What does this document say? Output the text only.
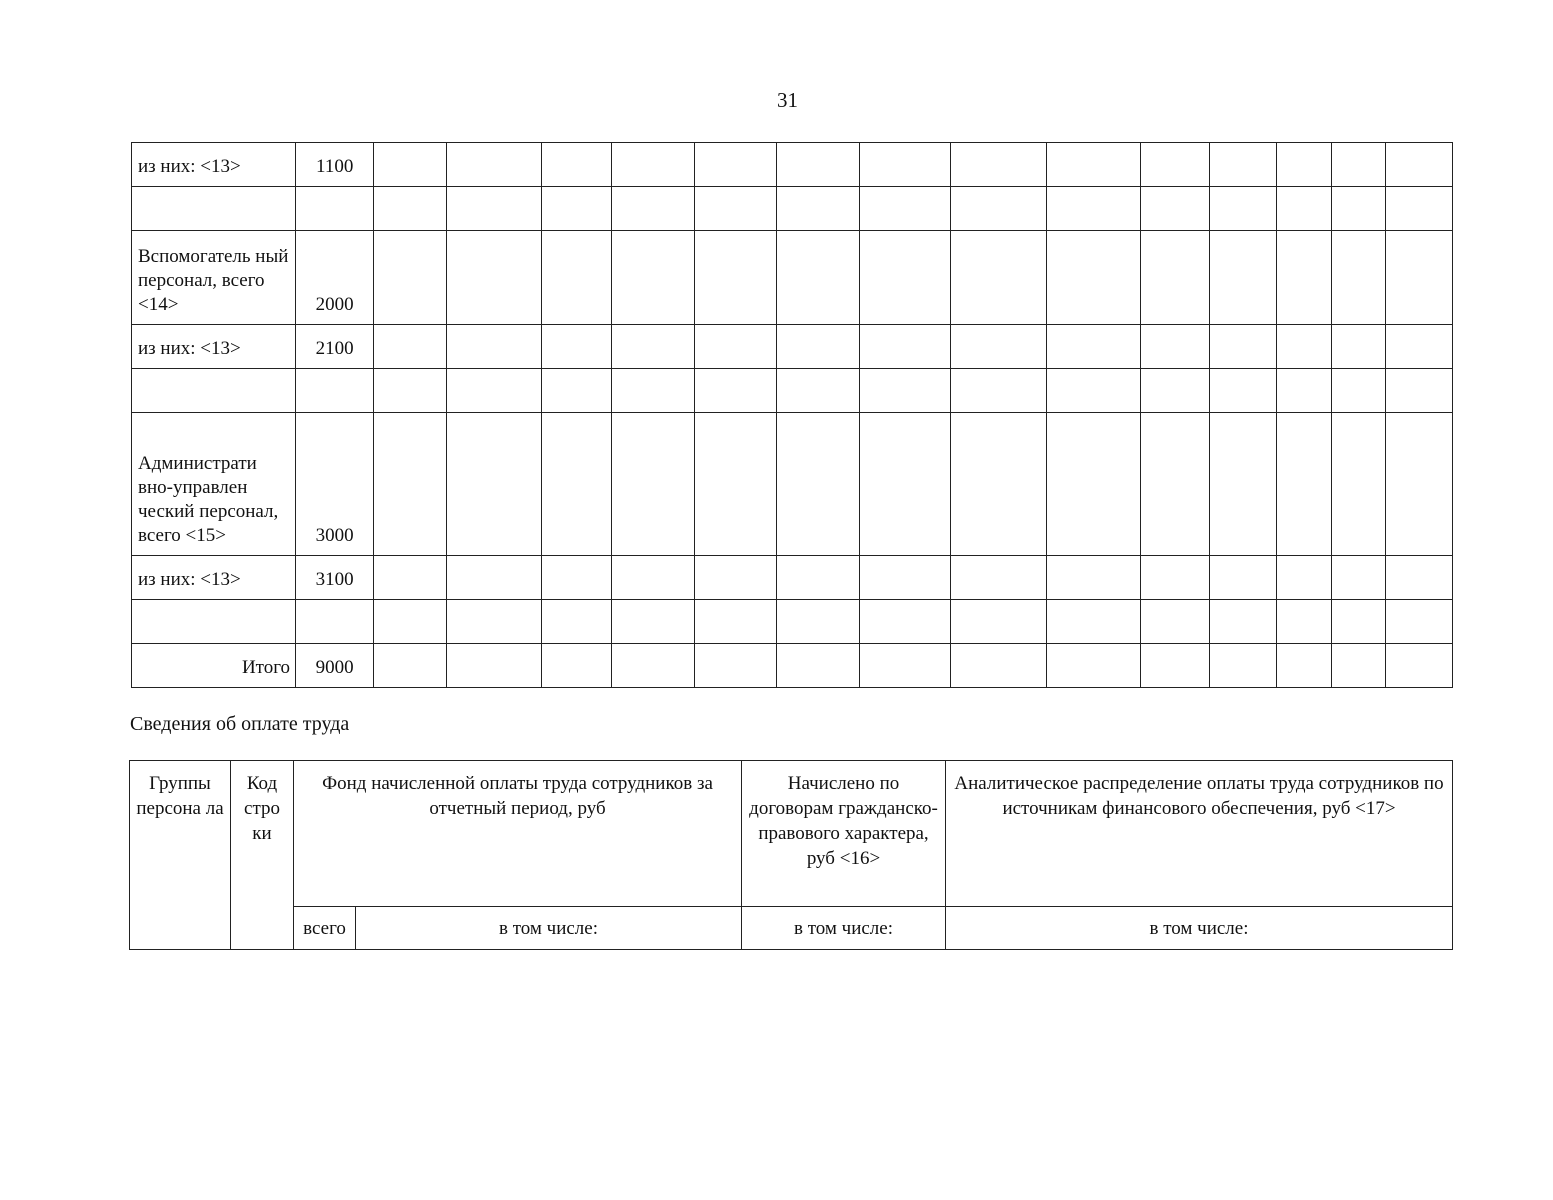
31
из них: <13>	1100														

Вспомогатель ный персонал, всего <14>	2000														
из них: <13>	2100														

Администрати вно-управлен ческий персонал, всего <15>	3000														
из них: <13>	3100														

Итого	9000														
Сведения об оплате труда
Группы персона ла	Код стро ки	Фонд начисленной оплаты труда сотрудников за отчетный период, руб		Начислено по договорам гражданско-правового характера, руб <16>	Аналитическое распределение оплаты труда сотрудников по источникам финансового обеспечения, руб <17>
		всего	в том числе:	в том числе:	в том числе:
